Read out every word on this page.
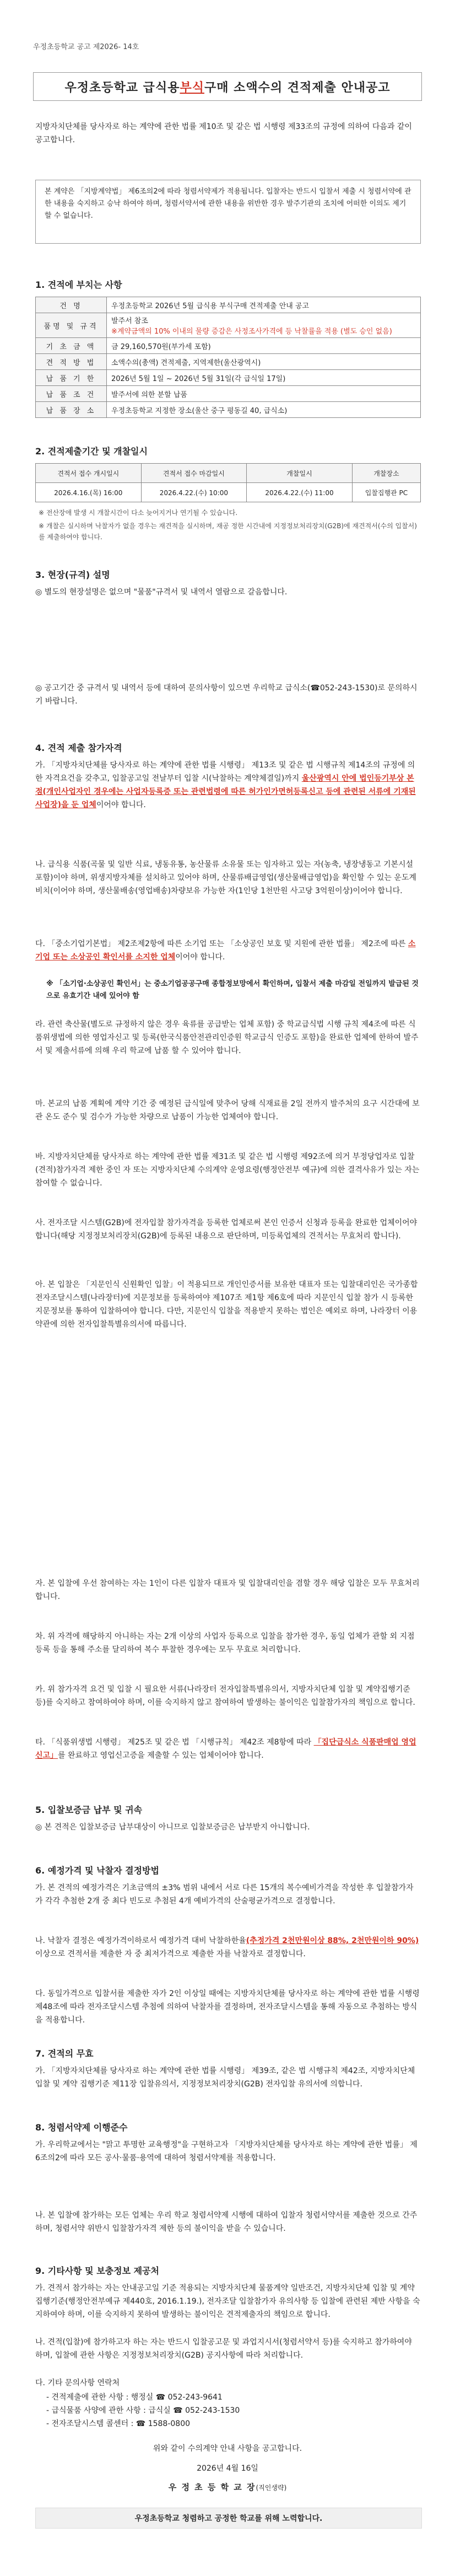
우정초등학교 공고 제2026- 14호
우정초등학교 급식용 부식 구매 소액수의 견적제출 안내공고
지방자치단체를 당사자로 하는 계약에 관한 법률 제10조 및 같은 법 시행령 제33조의 규정에 의하여 다음과 같이 공고합니다.
본 계약은 「지방계약법」 제6조의2에 따라 청렴서약제가 적용됩니다. 입찰자는 반드시 입찰서 제출 시 청렴서약에 관한 내용을 숙지하고 승낙 하여야 하며, 청렴서약서에 관한 내용을 위반한 경우 발주기관의 조치에 어떠한 이의도 제기할 수 없습니다.
1. 견적에 부치는 사항
건 명	우정초등학교 2026년 5월 급식용 부식구매 견적제출 안내 공고
품명 및 규격	발주서 참조
※계약금액의 10% 이내의 물량 증감은 사정조사가격에 등 낙찰률을 적용 (별도 승인 없음)

기 초 금 액	금 29,160,570원(부가세 포함)
견 적 방 법	소액수의(총액) 견적제출, 지역제한(울산광역시)
납 품 기 한	2026년 5월 1일 ~ 2026년 5월 31일(각 급식일 17일)
납 품 조 건	발주서에 의한 분할 납품
납 품 장 소	우정초등학교 지정한 장소(울산 중구 평동길 40, 급식소)
2. 견적제출기간 및 개찰일시
견적서 접수 개시일시	견적서 접수 마감일시	개찰일시	개찰장소
2026.4.16.(목) 16:00	2026.4.22.(수) 10:00	2026.4.22.(수) 11:00	입찰집행관 PC
※ 전산장애 발생 시 개찰시간이 다소 늦어지거나 연기될 수 있습니다.
※ 개찰은 실시하며 낙찰자가 없을 경우는 재견적을 실시하며, 재공 정한 시간내에 지정정보처리장치(G2B)에 재견적서(수의 입찰서)를 제출하여야 합니다.
3. 현장(규격) 설명
◎ 별도의 현장설명은 없으며 "물품"규격서 및 내역서 열람으로 갈음합니다.
◎ 공고기간 중 규격서 및 내역서 등에 대하여 문의사항이 있으면 우리학교 급식소(☎052-243-1530)로 문의하시기 바랍니다.
4. 견적 제출 참가자격
가. 「지방자치단체를 당사자로 하는 계약에 관한 법률 시행령」 제13조 및 같은 법 시행규칙 제14조의 규정에 의한 자격요건을 갖추고, 입찰공고일 전날부터 입찰 시(낙찰하는 계약체결일)까지 울산광역시 안에 법인등기부상 본점(개인사업자인 경우에는 사업자등록증 또는 관련법령에 따른 허가인가면허등록신고 등에 관련된 서류에 기재된 사업장)을 둔 업체이어야 합니다.
나. 급식용 식품(곡물 및 일반 식료, 냉동유통, 농산물류 소유물 또는 임자하고 있는 자(농축, 냉장냉동고 기본시설 포함)이야 하며, 위생지방자체를 설치하고 있어야 하며, 산물류배급영업(생산물배급영업)을 확인할 수 있는 운도계 비치(이어야 하며, 생산물배송(영업배송)차량보유 가능한 자(1인당 1천만원 사고당 3억원이상)이어야 합니다.
다. 「중소기업기본법」 제2조제2항에 따른 소기업 또는 「소상공인 보호 및 지원에 관한 법률」 제2조에 따른 소기업 또는 소상공인 확인서를 소지한 업체이어야 합니다.
※ 「소기업·소상공인 확인서」는 중소기업공공구매 종합정보망에서 확인하며, 입찰서 제출 마감일 전일까지 발급된 것으로 유효기간 내에 있어야 함
라. 관련 축산물(별도로 규정하지 않은 경우 육류를 공급받는 업체 포함) 중 학교급식법 시행 규칙 제4조에 따른 식품위생법에 의한 영업자신고 및 등록(한국식품안전관리인증원 학교급식 인증도 포함)을 완료한 업체에 한하여 발주서 및 제출서류에 의해 우리 학교에 납품 할 수 있어야 합니다.
마. 본교의 납품 계획에 계약 기간 중 예정된 급식일에 맞추어 당해 식재료를 2일 전까지 발주처의 요구 시간대에 보관 온도 준수 및 검수가 가능한 차량으로 납품이 가능한 업체여야 합니다.
바. 지방자치단체를 당사자로 하는 계약에 관한 법률 제31조 및 같은 법 시행령 제92조에 의거 부정당업자로 입찰(견적)참가자격 제한 중인 자 또는 지방자치단체 수의계약 운영요령(행정안전부 예규)에 의한 결격사유가 있는 자는 참여할 수 없습니다.
사. 전자조달 시스템(G2B)에 전자입찰 참가자격을 등록한 업체로써 본인 인증서 신청과 등록을 완료한 업체이어야 합니다(해당 지정정보처리장치(G2B)에 등록된 내용으로 판단하며, 미등록업체의 견적서는 무효처리 합니다).
아. 본 입찰은 「지문인식 신원확인 입찰」이 적용되므로 개인인증서를 보유한 대표자 또는 입찰대리인은 국가종합전자조달시스템(나라장터)에 지문정보를 등록하여야 제107조 제1항 제6호에 따라 지문인식 입찰 참가 시 등록한 지문정보를 통하여 입찰하여야 합니다. 다만, 지문인식 입찰을 적용받지 못하는 법인은 예외로 하며, 나라장터 이용약관에 의한 전자입찰특별유의서에 따릅니다.
자. 본 입찰에 우선 참여하는 자는 1인이 다른 입찰자 대표자 및 입찰대리인을 겸할 경우 해당 입찰은 모두 무효처리 합니다.
차. 위 자격에 해당하지 아니하는 자는 2개 이상의 사업자 등록으로 입찰을 참가한 경우, 동일 업체가 관할 외 지점등록 등을 통해 주소를 달리하여 복수 투찰한 경우에는 모두 무효로 처리합니다.
카. 위 참가자격 요건 및 입찰 시 필요한 서류(나라장터 전자입찰특별유의서, 지방자치단체 입찰 및 계약집행기준 등)를 숙지하고 참여하여야 하며, 이를 숙지하지 않고 참여하여 발생하는 불이익은 입찰참가자의 책임으로 합니다.
타. 「식품위생법 시행령」 제25조 및 같은 법 「시행규칙」 제42조 제8항에 따라 「집단급식소 식품판매업 영업신고」를 완료하고 영업신고증을 제출할 수 있는 업체이어야 합니다.
5. 입찰보증금 납부 및 귀속
◎ 본 견적은 입찰보증금 납부대상이 아니므로 입찰보증금은 납부받지 아니합니다.
6. 예정가격 및 낙찰자 결정방법
가. 본 견적의 예정가격은 기초금액의 ±3% 범위 내에서 서로 다른 15개의 복수예비가격을 작성한 후 입찰참가자가 각각 추첨한 2개 중 최다 빈도로 추첨된 4개 예비가격의 산술평균가격으로 결정합니다.
나. 낙찰자 결정은 예정가격이하로서 예정가격 대비 낙찰하한율(추정가격 2천만원이상 88%, 2천만원이하 90%) 이상으로 견적서를 제출한 자 중 최저가격으로 제출한 자를 낙찰자로 결정합니다.
다. 동일가격으로 입찰서를 제출한 자가 2인 이상일 때에는 지방자치단체를 당사자로 하는 계약에 관한 법률 시행령 제48조에 따라 전자조달시스템 추첨에 의하여 낙찰자를 결정하며, 전자조달시스템을 통해 자동으로 추첨하는 방식을 적용합니다.
7. 견적의 무효
가. 「지방자치단체를 당사자로 하는 계약에 관한 법률 시행령」 제39조, 같은 법 시행규칙 제42조, 지방자치단체 입찰 및 계약 집행기준 제11장 입찰유의서, 지정정보처리장치(G2B) 전자입찰 유의서에 의합니다.
8. 청렴서약제 이행준수
가. 우리학교에서는 "맑고 투명한 교육행정"을 구현하고자 「지방자치단체를 당사자로 하는 계약에 관한 법률」 제6조의2에 따라 모든 공사·물품·용역에 대하여 청렴서약제를 적용합니다.
나. 본 입찰에 참가하는 모든 업체는 우리 학교 청렴서약제 시행에 대하여 입찰자 청렴서약서를 제출한 것으로 간주하며, 청렴서약 위반시 입찰참가자격 제한 등의 불이익을 받을 수 있습니다.
9. 기타사항 및 보충정보 제공처
가. 견적서 참가하는 자는 안내공고일 기준 적용되는 지방자치단체 물품계약 일반조건, 지방자치단체 입찰 및 계약집행기준(행정안전부예규 제440호, 2016.1.19.), 전자조달 입찰참가자 유의사항 등 입찰에 관련된 제반 사항을 숙지하여야 하며, 이를 숙지하지 못하여 발생하는 불이익은 견적제출자의 책임으로 합니다.
나. 견적(입찰)에 참가하고자 하는 자는 반드시 입찰공고문 및 과업지시서(청렴서약서 등)를 숙지하고 참가하여야 하며, 입찰에 관한 사항은 지정정보처리장치(G2B) 공지사항에 따라 처리합니다.
다. 기타 문의사항 연락처
- 견적제출에 관한 사항 : 행정실 ☎ 052-243-9641
- 급식물품 사양에 관한 사항 : 급식실 ☎ 052-243-1530
- 전자조달시스템 콜센터 : ☎ 1588-0800
위와 같이 수의계약 안내 사항을 공고합니다.
2026년 4월 16일
우 정 초 등 학 교 장(직인생략)
우정초등학교 청렴하고 공정한 학교를 위해 노력합니다.
